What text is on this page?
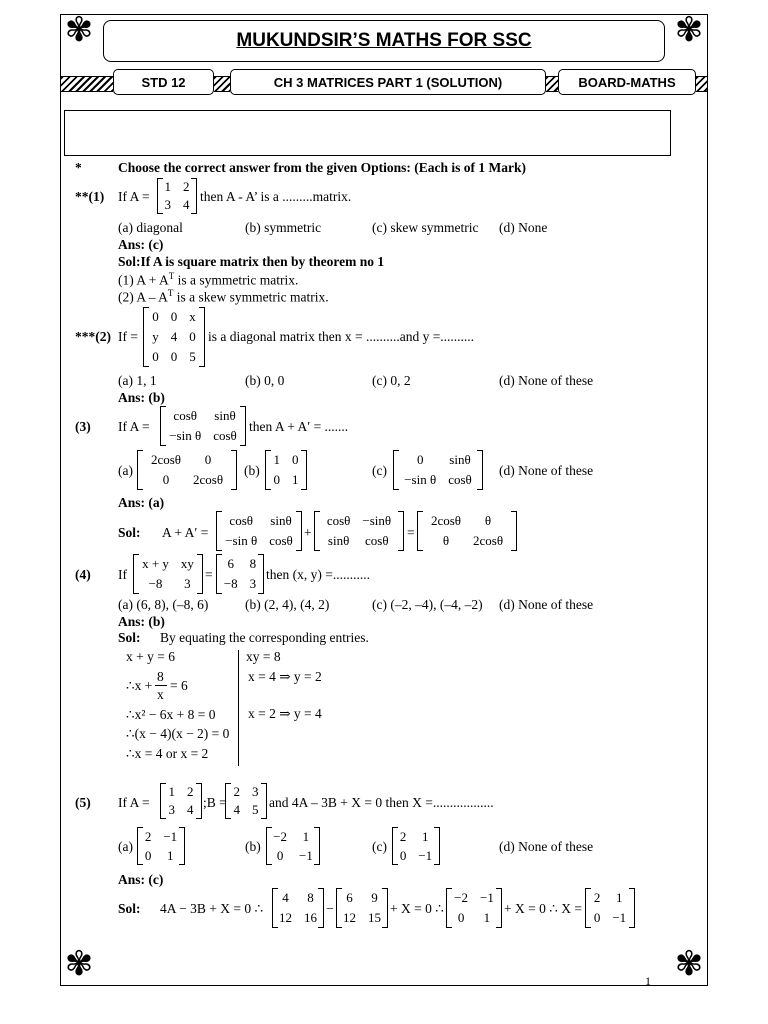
✾	✾
✾	✾
MUKUNDSIR’S MATHS FOR SSC
STD 12	CH 3 MATRICES PART 1 (SOLUTION)	BOARD-MATHS
*	Choose the correct answer from the given Options: (Each is of 1 Mark)
**(1) If A =
1	2
3	4
then A - A’ is a .........matrix.
(a) diagonal	(b) symmetric	(c) skew symmetric (d) None
Ans: (c)
Sol:If A is square matrix then by theorem no 1
(1) $A + A^T$ is a symmetric matrix.
(2) A – $A^T$ is a skew symmetric matrix.
***(2) If =
0	0	x
y	4	0
0	0	5
is a diagonal matrix then x = ..........and y =..........
(a) 1, 1	(b) 0, 0	(c) 0, 2	(d) None of these
Ans: (b)
(3) If A =
cosθ	sinθ
−sin θ	cosθ
then A + A′ = .......
(a)
2cosθ	0
0	2cosθ
(b)
1	0
0	1
(c)
0	sinθ
−sin θ	cosθ
(d) None of these
Ans: (a)
Sol: A + A′ =
cosθ	sinθ
−sin θ	cosθ
+
cosθ	−sinθ
sinθ	cosθ
=
2cosθ	θ
θ	2cosθ
(4) If
x + y	xy
−8	3
=
6	8
−8	3
then (x, y) =...........
(a) (6, 8), (–8, 6)	(b) (2, 4), (4, 2)	(c) (–2, –4), (–4, –2) (d) None of these
Ans: (b)
Sol: By equating the corresponding entries.
x + y = 6
∴x +
8
x
= 6
∴x² − 6x + 8 = 0
∴(x − 4)(x − 2) = 0
∴x = 4 or x = 2
xy = 8
x = 4 ⇒ y = 2
x = 2 ⇒ y = 4
(5) If A =
1	2
3	4 ;B =
2	3
4	5 and 4A – 3B + X = 0 then X =..................
(a)
2	−1
0	1
(b)
−2	1
0	−1
(c)
2	1
0	−1
(d) None of these
Ans: (c)
Sol: 4A − 3B + X = 0 ∴
4	8
12	16
−
6	9
12	15
+ X = 0 ∴
−2	−1
0	1
+ X = 0 ∴ X =
2	1
0	−1
1
